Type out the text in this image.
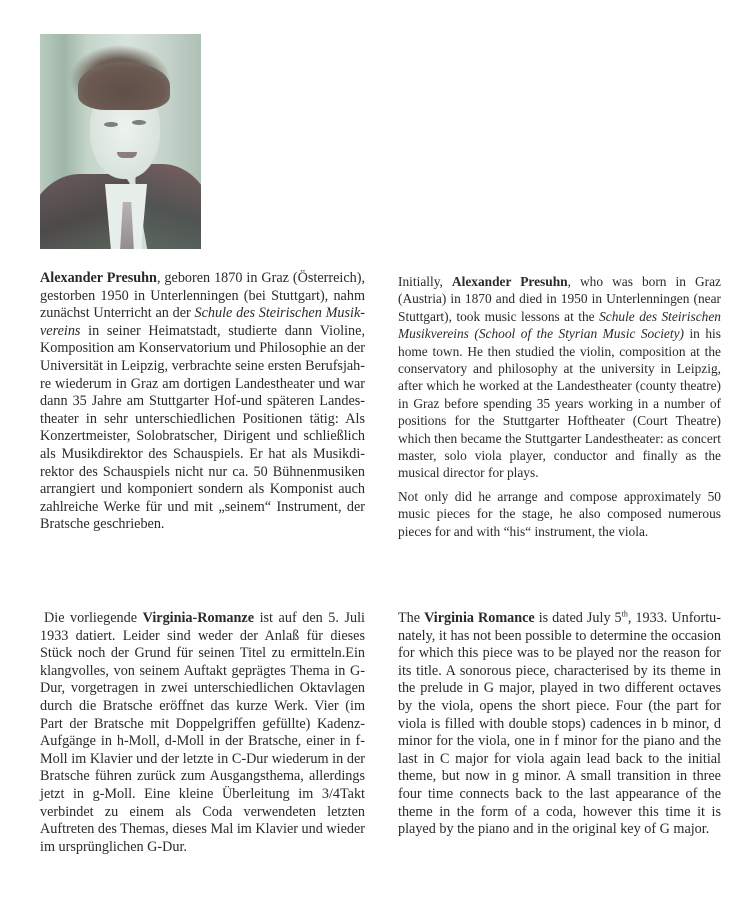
Alexander Presuhn, geboren 1870 in Graz (Österreich), gestorben 1950 in Unterlenningen (bei Stuttgart), nahm zunächst Unterricht an der Schule des Steirischen Musikvereins in seiner Heimatstadt, studierte dann Violine, Komposition am Konservatorium und Philosophie an der Universität in Leipzig, verbrachte seine ersten Berufsjahre wiederum in Graz am dortigen Landestheater und war dann 35 Jahre am Stuttgarter Hof-und späteren Landestheater in sehr unterschiedlichen Positionen tätig: Als Konzertmeister, Solobratscher, Dirigent und schließlich als Musikdirektor des Schauspiels. Er hat als Musikdirektor des Schauspiels nicht nur ca. 50 Bühnenmusiken arrangiert und komponiert sondern als Komponist auch zahlreiche Werke für und mit „seinem“ Instrument, der Bratsche geschrieben.

Initially, Alexander Presuhn, who was born in Graz (Austria) in 1870 and died in 1950 in Unterlenningen (near Stuttgart), took music lessons at the Schule des Steirischen Musikvereins (School of the Styrian Music Society) in his home town. He then studied the violin, composition at the conservatory and philosophy at the university in Leipzig, after which he worked at the Landestheater (county theatre) in Graz before spending 35 years working in a number of positions for the Stuttgarter Hoftheater (Court Theatre) which then became the Stuttgarter Landestheater: as concert master, solo viola player, conductor and finally as the musical director for plays.

Not only did he arrange and compose approximately 50 music pieces for the stage, he also composed numerous pieces for and with “his“ instrument, the viola.

Die vorliegende Virginia-Romanze ist auf den 5. Juli 1933 datiert. Leider sind weder der Anlaß für dieses Stück noch der Grund für seinen Titel zu ermitteln.Ein klangvolles, von seinem Auftakt geprägtes Thema in G-Dur, vorgetragen in zwei unterschiedlichen Oktavlagen durch die Bratsche eröffnet das kurze Werk. Vier (im Part der Bratsche mit Doppelgriffen gefüllte) Kadenz-Aufgänge in h-Moll, d-Moll in der Bratsche, einer in f-Moll im Klavier und der letzte in C-Dur wiederum in der Bratsche führen zurück zum Ausgangsthema, allerdings jetzt in g-Moll. Eine kleine Überleitung im 3/4Takt verbindet zu einem als Coda verwendeten letzten Auftreten des Themas, dieses Mal im Klavier und wieder im ursprünglichen G-Dur.

The Virginia Romance is dated July 5th, 1933. Unfortunately, it has not been possible to determine the occasion for which this piece was to be played nor the reason for its title. A sonorous piece, characterised by its theme in the prelude in G major, played in two different octaves by the viola, opens the short piece. Four (the part for viola is filled with double stops) cadences in b minor, d minor for the viola, one in f minor for the piano and the last in C major for viola again lead back to the initial theme, but now in g minor. A small transition in three four time connects back to the last appearance of the theme in the form of a coda, however this time it is played by the piano and in the original key of G major.
